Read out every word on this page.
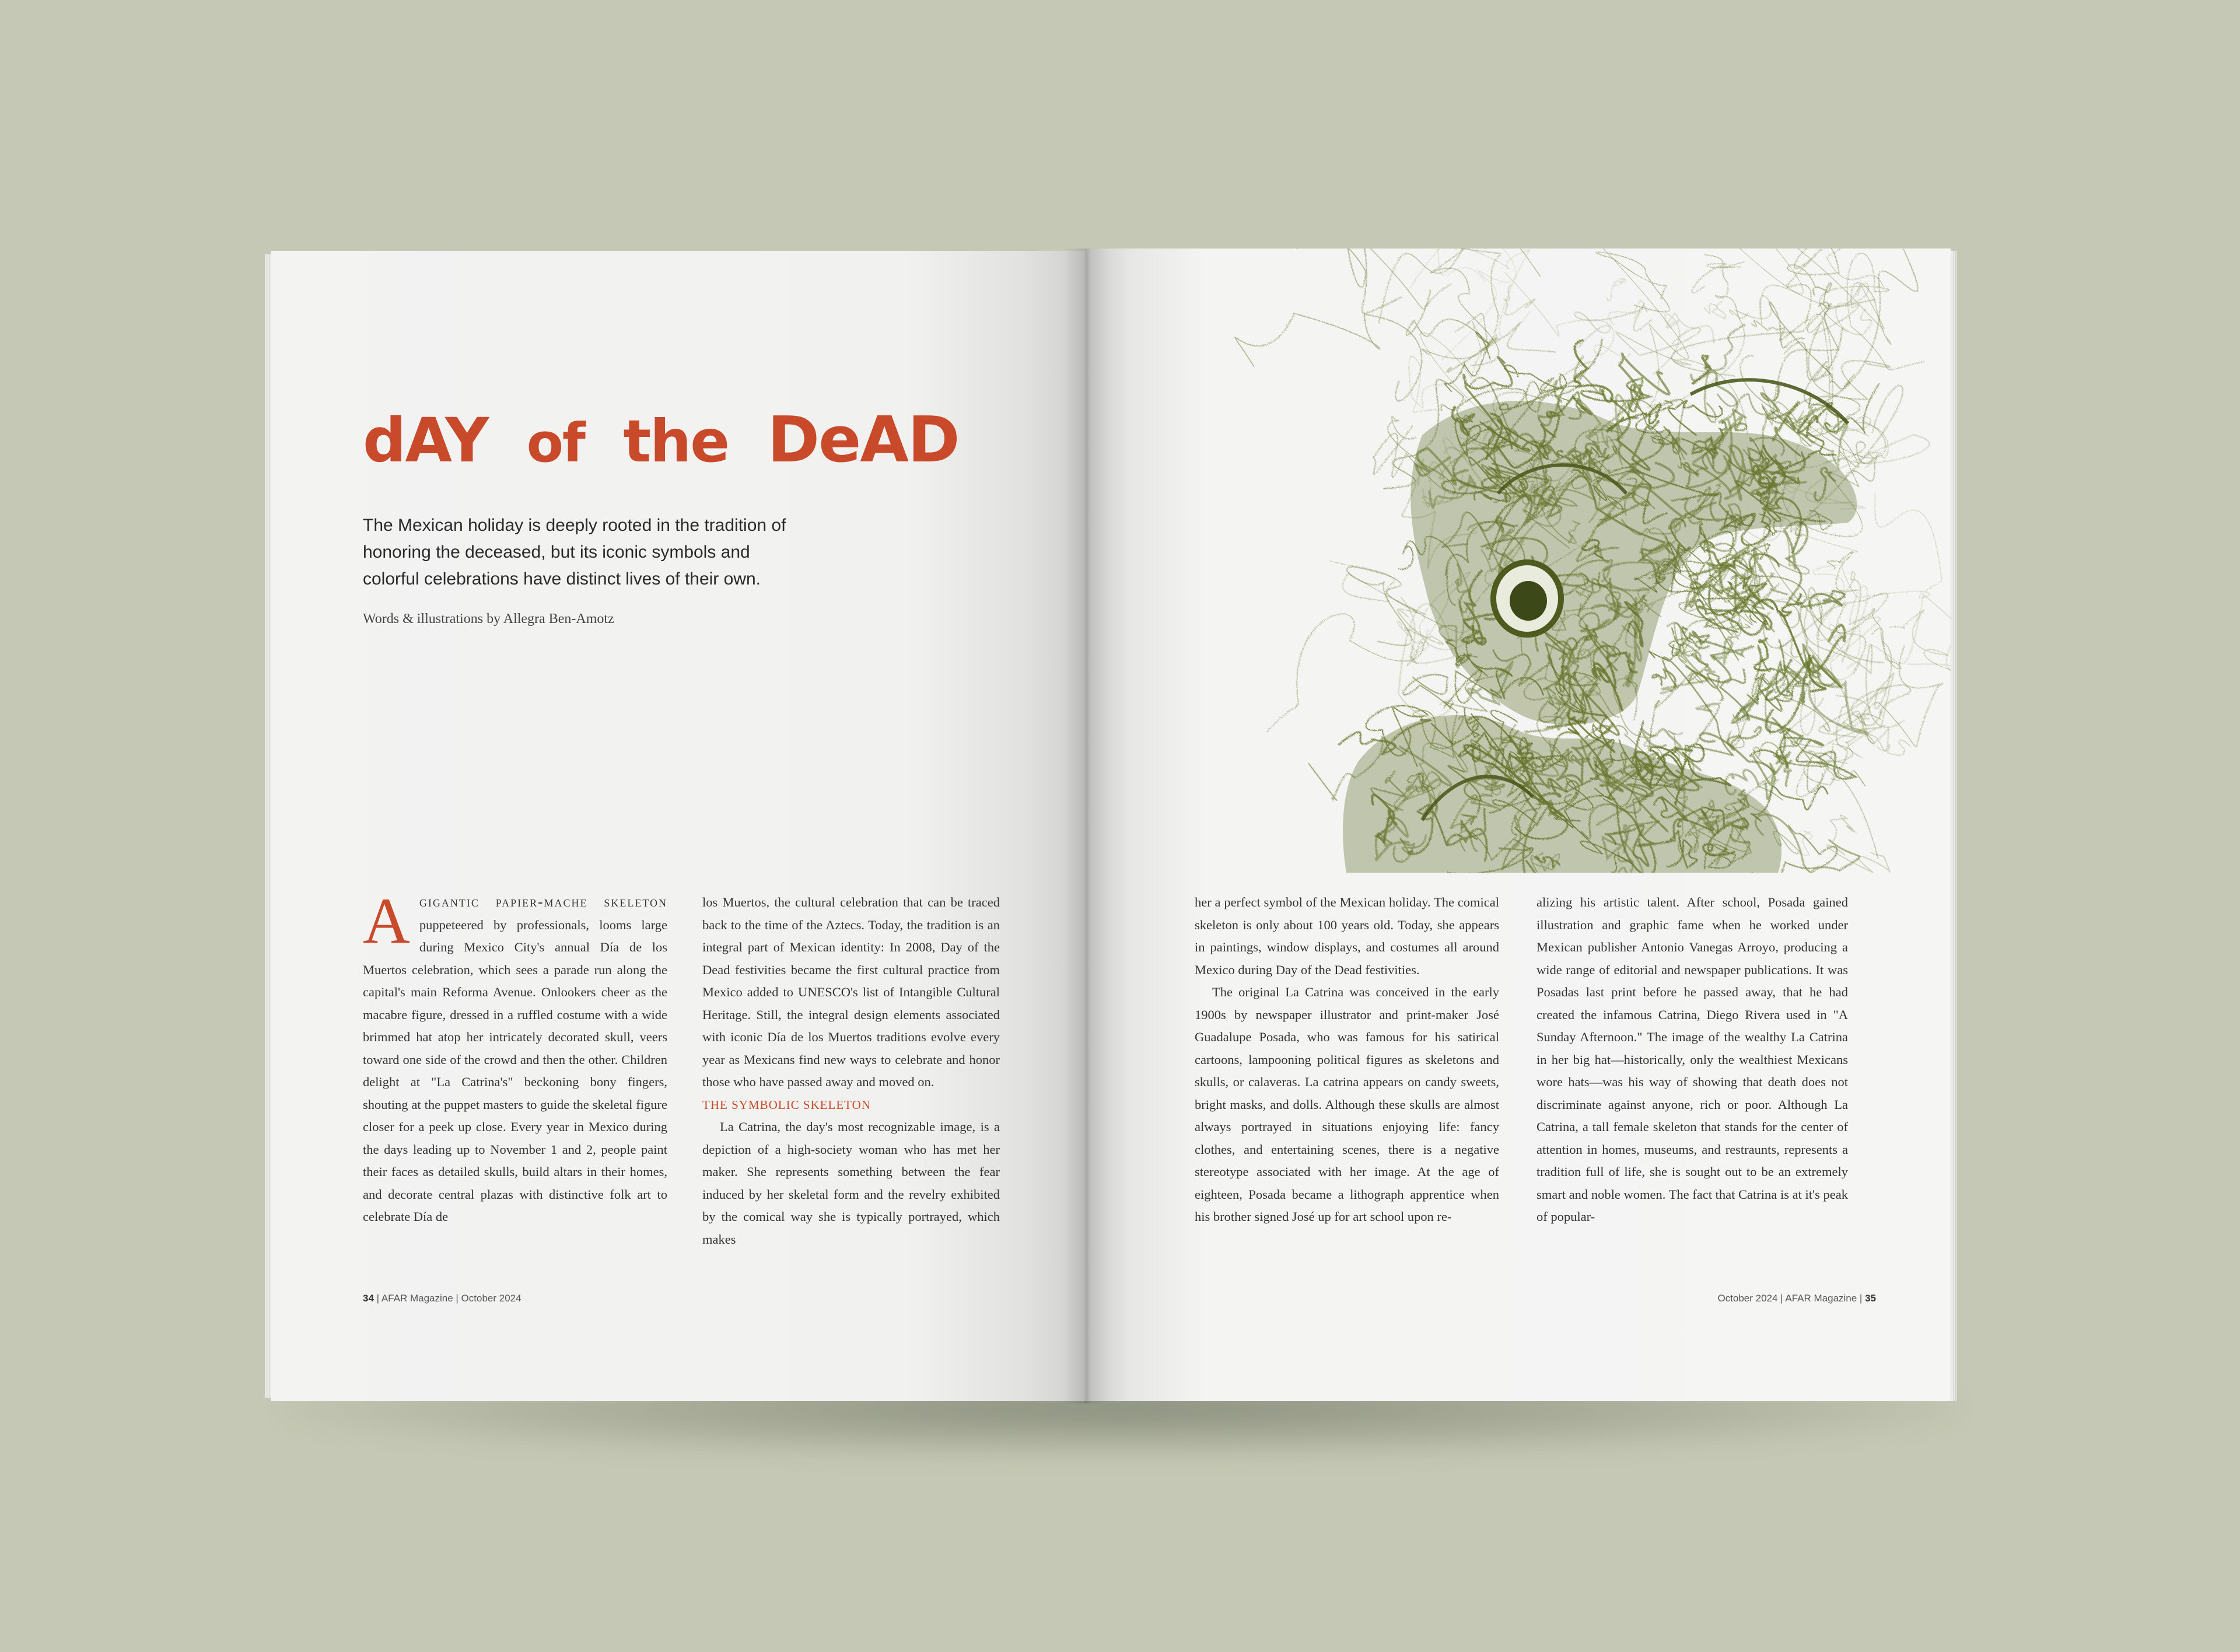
dAY of the DeAD

The Mexican holiday is deeply rooted in the tradition of honoring the deceased, but its iconic symbols and colorful celebrations have distinct lives of their own.

Words & illustrations by Allegra Ben-Amotz

Agigantic papier-mache skeleton puppeteered by professionals, looms large during Mexico City's annual Día de los Muertos celebration, which sees a parade run along the capital's main Reforma Avenue. Onlookers cheer as the macabre figure, dressed in a ruffled costume with a wide brimmed hat atop her intricately decorated skull, veers toward one side of the crowd and then the other. Children delight at "La Catrina's" beckoning bony fingers, shouting at the puppet masters to guide the skeletal figure closer for a peek up close. Every year in Mexico during the days leading up to November 1 and 2, people paint their faces as detailed skulls, build altars in their homes, and decorate central plazas with distinctive folk art to celebrate Día de

los Muertos, the cultural celebration that can be traced back to the time of the Aztecs. Today, the tradition is an integral part of Mexican identity: In 2008, Day of the Dead festivities became the first cultural practice from Mexico added to UNESCO's list of Intangible Cultural Heritage. Still, the integral design elements associated with iconic Día de los Muertos traditions evolve every year as Mexicans find new ways to celebrate and honor those who have passed away and moved on.

THE SYMBOLIC SKELETON

La Catrina, the day's most recognizable image, is a depiction of a high-society woman who has met her maker. She represents something between the fear induced by her skeletal form and the revelry exhibited by the comical way she is typically portrayed, which makes

34 | AFAR Magazine | October 2024

her a perfect symbol of the Mexican holiday. The comical skeleton is only about 100 years old. Today, she appears in paintings, window displays, and costumes all around Mexico during Day of the Dead festivities.

The original La Catrina was conceived in the early 1900s by newspaper illustrator and print-maker José Guadalupe Posada, who was famous for his satirical cartoons, lampooning political figures as skeletons and skulls, or calaveras. La catrina appears on candy sweets, bright masks, and dolls. Although these skulls are almost always portrayed in situations enjoying life: fancy clothes, and entertaining scenes, there is a negative stereotype associated with her image. At the age of eighteen, Posada became a lithograph apprentice when his brother signed José up for art school upon re-

alizing his artistic talent. After school, Posada gained illustration and graphic fame when he worked under Mexican publisher Antonio Vanegas Arroyo, producing a wide range of editorial and newspaper publications. It was Posadas last print before he passed away, that he had created the infamous Catrina, Diego Rivera used in "A Sunday Afternoon." The image of the wealthy La Catrina in her big hat—historically, only the wealthiest Mexicans wore hats—was his way of showing that death does not discriminate against anyone, rich or poor. Although La Catrina, a tall female skeleton that stands for the center of attention in homes, museums, and restraunts, represents a tradition full of life, she is sought out to be an extremely smart and noble women. The fact that Catrina is at it's peak of popular-

October 2024 | AFAR Magazine | 35
